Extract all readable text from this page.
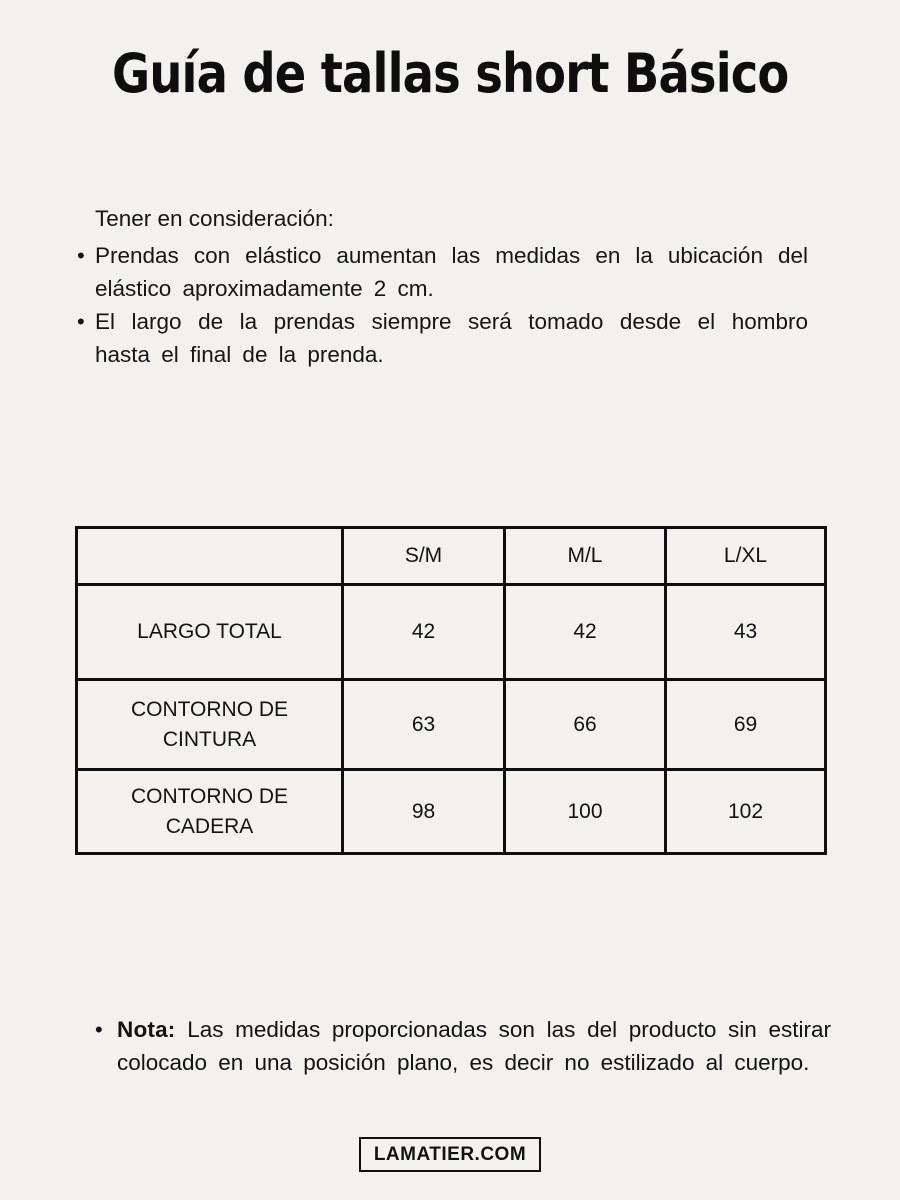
Guía de tallas short Básico

Tener en consideración:

• Prendas con elástico aumentan las medidas en la ubicación del elástico aproximadamente 2 cm.
• El largo de la prendas siempre será tomado desde el hombro hasta el final de la prenda.
	S/M	M/L	L/XL
LARGO TOTAL	42	42	43
CONTORNO DE CINTURA	63	66	69
CONTORNO DE CADERA	98	100	102
• Nota: Las medidas proporcionadas son las del producto sin estirar colocado en una posición plano, es decir no estilizado al cuerpo.

LAMATIER.COM
